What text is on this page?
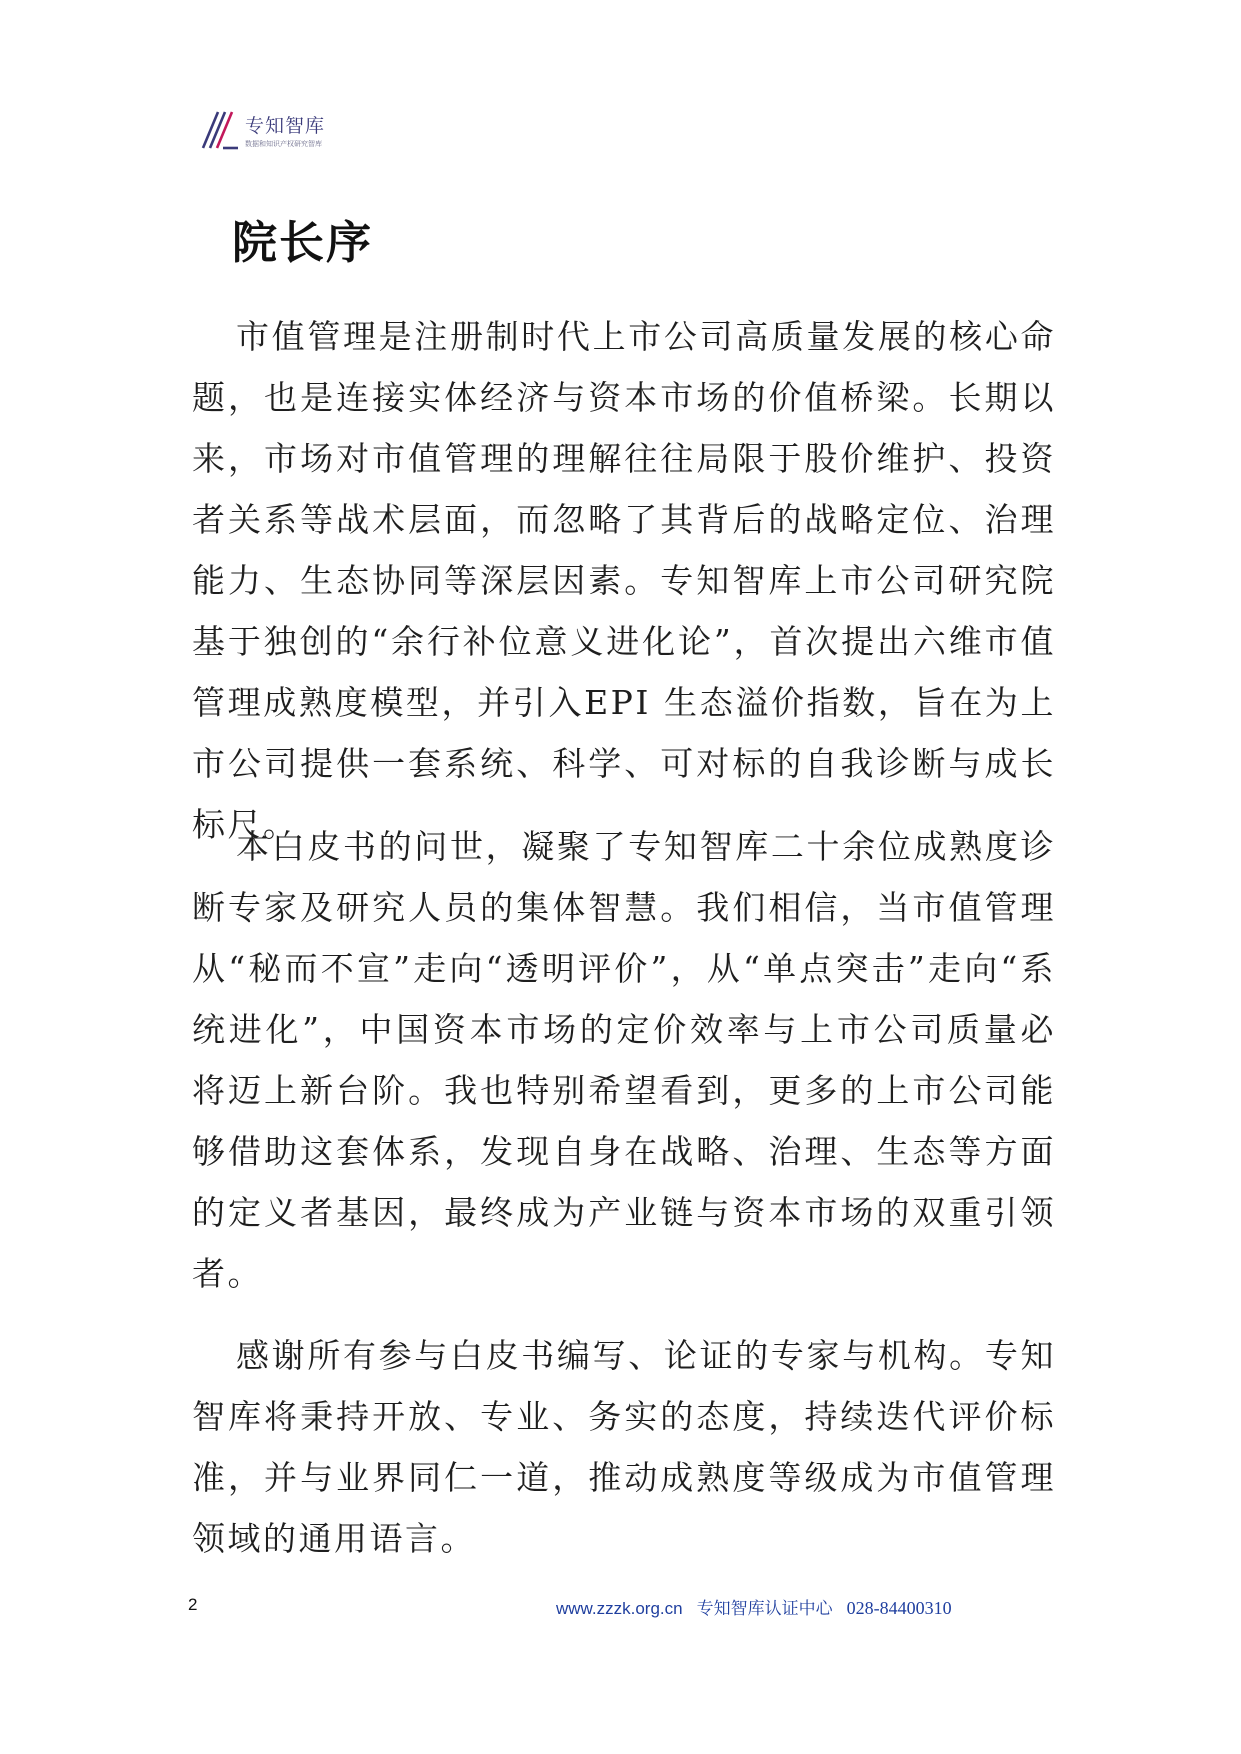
专知智库
数据和知识产权研究智库
院长序

市值管理是注册制时代上市公司高质量发展的核心命题，也是连接实体经济与资本市场的价值桥梁。长期以来，市场对市值管理的理解往往局限于股价维护、投资者关系等战术层面，而忽略了其背后的战略定位、治理能力、生态协同等深层因素。专知智库上市公司研究院基于独创的“余行补位意义进化论”，首次提出六维市值管理成熟度模型，并引入EPI 生态溢价指数，旨在为上市公司提供一套系统、科学、可对标的自我诊断与成长标尺。

本白皮书的问世，凝聚了专知智库二十余位成熟度诊断专家及研究人员的集体智慧。我们相信，当市值管理从“秘而不宣”走向“透明评价”，从“单点突击”走向“系统进化”，中国资本市场的定价效率与上市公司质量必将迈上新台阶。我也特别希望看到，更多的上市公司能够借助这套体系，发现自身在战略、治理、生态等方面的定义者基因，最终成为产业链与资本市场的双重引领者。

感谢所有参与白皮书编写、论证的专家与机构。专知智库将秉持开放、专业、务实的态度，持续迭代评价标准，并与业界同仁一道，推动成熟度等级成为市值管理领域的通用语言。

2	www.zzzk.org.cn 专知智库认证中心 028-84400310
